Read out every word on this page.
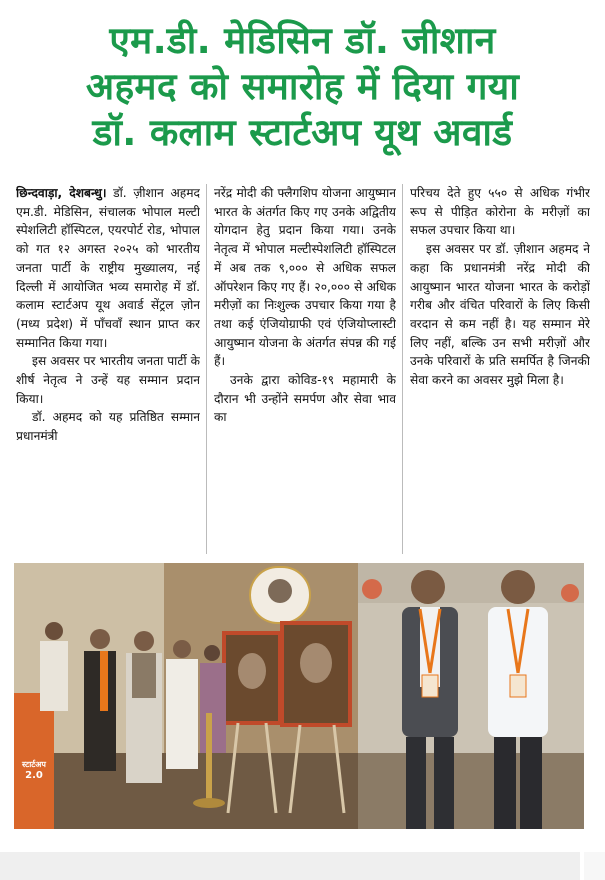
एम.डी. मेडिसिन डॉ. जीशान
अहमद को समारोह में दिया गया
डॉ. कलाम स्टार्टअप यूथ अवार्ड

छिन्दवाड़ा, देशबन्धु। डॉ. ज़ीशान अहमद एम.डी. मेडिसिन, संचालक भोपाल मल्टी स्पेशलिटी हॉस्पिटल, एयरपोर्ट रोड, भोपाल को गत १२ अगस्त २०२५ को भारतीय जनता पार्टी के राष्ट्रीय मुख्यालय, नई दिल्ली में आयोजित भव्य समारोह में डॉ. कलाम स्टार्टअप यूथ अवार्ड सेंट्रल ज़ोन (मध्य प्रदेश) में पाँचवाँ स्थान प्राप्त कर सम्मानित किया गया।

इस अवसर पर भारतीय जनता पार्टी के शीर्ष नेतृत्व ने उन्हें यह सम्मान प्रदान किया।

डॉ. अहमद को यह प्रतिष्ठित सम्मान प्रधानमंत्री

नरेंद्र मोदी की फ्लैगशिप योजना आयुष्मान भारत के अंतर्गत किए गए उनके अद्वितीय योगदान हेतु प्रदान किया गया। उनके नेतृत्व में भोपाल मल्टीस्पेशलिटी हॉस्पिटल में अब तक ९,००० से अधिक सफल ऑपरेशन किए गए हैं। २०,००० से अधिक मरीज़ों का निःशुल्क उपचार किया गया है तथा कई एंजियोग्राफी एवं एंजियोप्लास्टी आयुष्मान योजना के अंतर्गत संपन्न की गई हैं।

उनके द्वारा कोविड-१९ महामारी के दौरान भी उन्होंने समर्पण और सेवा भाव का

परिचय देते हुए ५५० से अधिक गंभीर रूप से पीड़ित कोरोना के मरीज़ों का सफल उपचार किया था।

इस अवसर पर डॉ. ज़ीशान अहमद ने कहा कि प्रधानमंत्री नरेंद्र मोदी की आयुष्मान भारत योजना भारत के करोड़ों गरीब और वंचित परिवारों के लिए किसी वरदान से कम नहीं है। यह सम्मान मेरे लिए नहीं, बल्कि उन सभी मरीज़ों और उनके परिवारों के प्रति समर्पित है जिनकी सेवा करने का अवसर मुझे मिला है।

स्टार्टअप
2.0
